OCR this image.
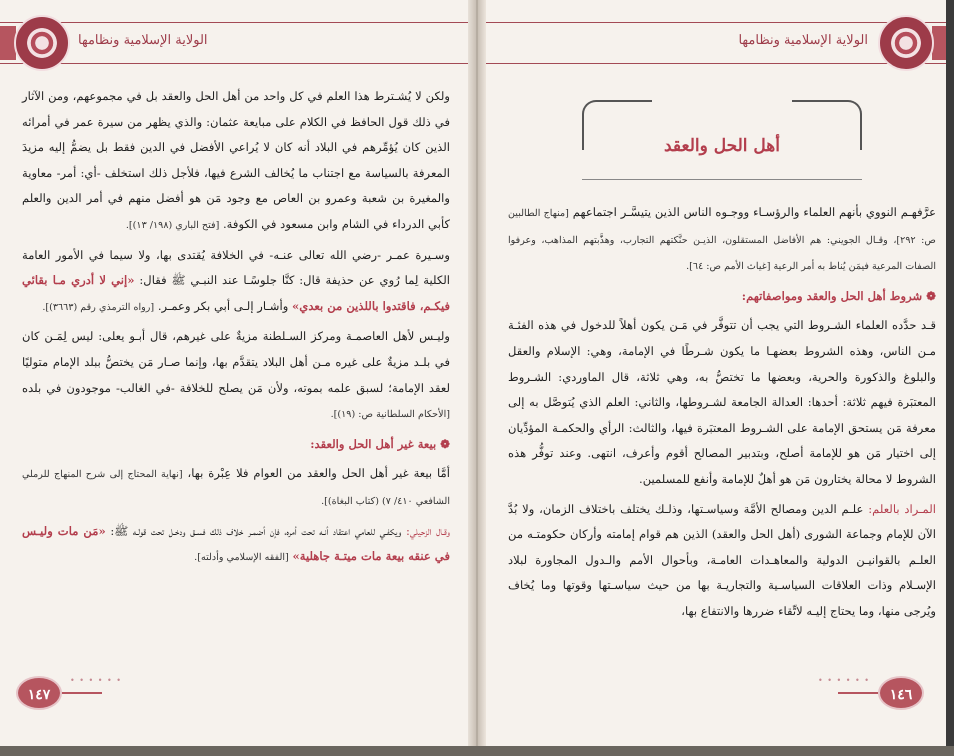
الولاية الإسلامية ونظامها

ولكن لا يُشـترط هذا العلم في كل واحد من أهل الحل والعقد بل في مجموعهم، ومن الآثار في ذلك قول الحافظ في الكلام على مبايعة عثمان: والذي يظهر من سيرة عمر في أمرائه الذين كان يُؤمِّرهم في البلاد أنه كان لا يُراعي الأفضل في الدين فقط بل يضمُّ إليه مزيدَ المعرفة بالسياسة مع اجتناب ما يُخالف الشرع فيها، فلأجل ذلك استخلف -أي: أمر- معاوية والمغيرة بن شعبة وعمرو بن العاص مع وجود مَن هو أفضل منهم في أمر الدين والعلم كأبي الدرداء في الشام وابن مسعود في الكوفة. [فتح الباري (١٩٨/ ١٣)].

وسـيرة عمـر -رضي الله تعالى عنـه- في الخلافة يُقتدى بها، ولا سيما في الأمور العامة الكلية لِما رُوي عن حذيفة قال: كنَّا جلوسًـا عند النبـي ﷺ فقال: «إني لا أدري مـا بقائي فيكـم، فاقتدوا باللذين من بعدي» وأشـار إلـى أبي بكر وعمـر. [رواه الترمذي رقم (٣٦٦٣)].

وليـس لأهل العاصمـة ومركز السـلطنة مزيةٌ على غيرهم، قال أبـو يعلى: ليس لِمَـن كان في بلـد مزيةٌ على غيره مـن أهل البلاد يتقدَّم بها، وإنما صـار مَن يختصُّ ببلد الإمام متوليًا لعقد الإمامة؛ لسبق علمه بموته، ولأن مَن يصلح للخلافة -في الغالب- موجودون في بلده [الأحكام السلطانية ص: (١٩)].

❁ بيعة غير أهل الحل والعقد:

أمَّا بيعة غير أهل الحل والعقد من العوام فلا عِبْرة بها، [نهاية المحتاج إلى شرح المنهاج للرملي الشافعي ٤١٠/ ٧) (كتاب البغاة)].

وقـال الزحيلي: ويكفـي للعامي اعتقاد أنـه تحت أمره، فإن أضمـر خلاف ذلك فسـق ودخـل تحت قولـه ﷺ: «مَن مات وليـس في عنقه بيعة مات ميتـة جاهلية» [الفقه الإسلامي وأدلته].

• • • • • •
١٤٧
الولاية الإسلامية ونظامها
أهل الحل والعقد

عرَّفهـم النووي بأنهم العلماء والرؤسـاء ووجـوه الناس الذين يتيسَّـر اجتماعهم [منهاج الطالبين ص: ٢٩٢]، وقـال الجويني: هم الأفاضل المستقلون، الذيـن حنَّكتهم التجارب، وهذَّبتهم المذاهب، وعرفوا الصفات المرعية فيمَن يُناط به أمر الرعية [غياث الأمم ص: ٦٤].

❁ شروط أهل الحل والعقد ومواصفاتهم:

قـد حدَّده العلماء الشـروط التي يجب أن تتوفَّر في مَـن يكون أهلاً للدخول في هذه الفئـة مـن الناس، وهذه الشروط بعضهـا ما يكون شـرطًا في الإمامة، وهي: الإسلام والعقل والبلوغ والذكورة والحرية، وبعضها ما تختصُّ به، وهي ثلاثة، قال الماوردي: الشـروط المعتبَرة فيهم ثلاثة: أحدها: العدالة الجامعة لشـروطها، والثاني: العلم الذي يُتوصَّل به إلى معرفة مَن يستحق الإمامة على الشـروط المعتبَرة فيها، والثالث: الرأي والحكمـة المؤدِّيان إلى اختيار مَن هو للإمامة أصلح، وبتدبير المصالح أقوم وأعرف، انتهى. وعند توفُّر هذه الشروط لا محالة يختارون مَن هو أهلٌ للإمامة وأنفع للمسلمين.

المـراد بالعلم: علـم الدين ومصالح الأمَّة وسياسـتها، وذلـك يختلف باختلاف الزمان، ولا بُدَّ الآن للإمام وجماعة الشورى (أهل الحل والعقد) الذين هم قوام إمامته وأركان حكومتـه من العلـم بالقوانيـن الدولية والمعاهـدات العامـة، وبأحوال الأمم والـدول المجاورة لبلاد الإسـلام وذات العلاقات السياسـية والتجاريـة بها من حيث سياسـتها وقوتها وما يُخاف ويُرجى منها، وما يحتاج إليـه لاتِّقاء ضررها والانتفاع بها،

• • • • • •
١٤٦
